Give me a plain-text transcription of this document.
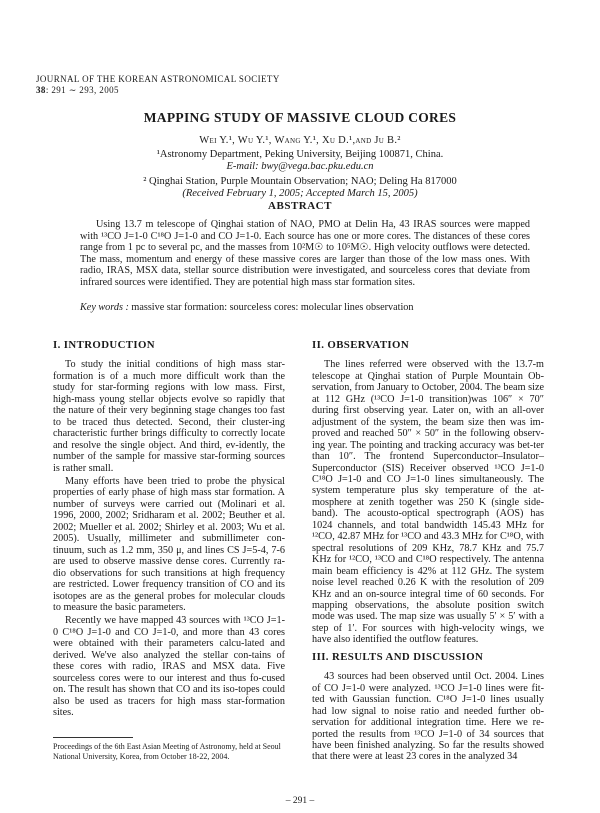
JOURNAL OF THE KOREAN ASTRONOMICAL SOCIETY
38: 291 ∼ 293, 2005
MAPPING STUDY OF MASSIVE CLOUD CORES
Wei Y.¹, Wu Y.¹, Wang Y.¹, Xu D.¹,and Ju B.²
¹Astronomy Department, Peking University, Beijing 100871, China.
E-mail: bwy@vega.bac.pku.edu.cn
² Qinghai Station, Purple Mountain Observation; NAO; Deling Ha 817000
(Received February 1, 2005; Accepted March 15, 2005)
ABSTRACT

Using 13.7 m telescope of Qinghai station of NAO, PMO at Delin Ha, 43 IRAS sources were mapped with ¹³CO J=1-0 C¹⁸O J=1-0 and CO J=1-0. Each source has one or more cores. The distances of these cores range from 1 pc to several pc, and the masses from 10²M☉ to 10⁵M☉. High velocity outflows were detected. The mass, momentum and energy of these massive cores are larger than those of the low mass ones. With radio, IRAS, MSX data, stellar source distribution were investigated, and sourceless cores that deviate from infrared sources were identified. They are potential high mass star formation sites.

Key words : massive star formation: sourceless cores: molecular lines observation
I. INTRODUCTION

To study the initial conditions of high mass star-formation is of a much more difficult work than the study for star-forming regions with low mass. First, high-mass young stellar objects evolve so rapidly that the nature of their very beginning stage changes too fast to be traced thus detected. Second, their cluster-ing characteristic further brings difficulty to correctly locate and resolve the single object. And third, ev-idently, the number of the sample for massive star-forming sources is rather small.

Many efforts have been tried to probe the physical properties of early phase of high mass star formation. A number of surveys were carried out (Molinari et al. 1996, 2000, 2002; Sridharam et al. 2002; Beuther et al. 2002; Mueller et al. 2002; Shirley et al. 2003; Wu et al. 2005). Usually, millimeter and submillimeter con-tinuum, such as 1.2 mm, 350 μ, and lines CS J=5-4, 7-6 are used to observe massive dense cores. Currently ra-dio observations for such transitions at high frequency are restricted. Lower frequency transition of CO and its isotopes are as the general probes for molecular clouds to measure the basic parameters.

Recently we have mapped 43 sources with ¹³CO J=1-0 C¹⁸O J=1-0 and CO J=1-0, and more than 43 cores were obtained with their parameters calcu-lated and derived. We've also analyzed the stellar con-tains of these cores with radio, IRAS and MSX data. Five sourceless cores were to our interest and thus fo-cused on. The result has shown that CO and its iso-topes could also be used as tracers for high mass star-formation sites.

II. OBSERVATION

The lines referred were observed with the 13.7-m telescope at Qinghai station of Purple Mountain Ob-servation, from January to October, 2004. The beam size at 112 GHz (¹³CO J=1-0 transition)was 106″ × 70″ during first observing year. Later on, with an all-over adjustment of the system, the beam size then was im-proved and reached 50″ × 50″ in the following observ-ing year. The pointing and tracking accuracy was bet-ter than 10″. The frontend Superconductor–Insulator–Superconductor (SIS) Receiver observed ¹³CO J=1-0 C¹⁸O J=1-0 and CO J=1-0 lines simultaneously. The system temperature plus sky temperature of the at-mosphere at zenith together was 250 K (single side-band). The acousto-optical spectrograph (AOS) has 1024 channels, and total bandwidth 145.43 MHz for ¹²CO, 42.87 MHz for ¹³CO and 43.3 MHz for C¹⁸O, with spectral resolutions of 209 KHz, 78.7 KHz and 75.7 KHz for ¹²CO, ¹³CO and C¹⁸O respectively. The antenna main beam efficiency is 42% at 112 GHz. The system noise level reached 0.26 K with the resolution of 209 KHz and an on-source integral time of 60 seconds. For mapping observations, the absolute position switch mode was used. The map size was usually 5′ × 5′ with a step of 1′. For sources with high-velocity wings, we have also identified the outflow features.

III. RESULTS AND DISCUSSION

43 sources had been observed until Oct. 2004. Lines of CO J=1-0 were analyzed. ¹³CO J=1-0 lines were fit-ted with Gaussian function. C¹⁸O J=1-0 lines usually had low signal to noise ratio and needed further ob-servation for additional integration time. Here we re-ported the results from ¹³CO J=1-0 of 34 sources that have been finished analyzing. So far the results showed that there were at least 23 cores in the analyzed 34

Proceedings of the 6th East Asian Meeting of Astronomy, held at Seoul National University, Korea, from October 18-22, 2004.
– 291 –
